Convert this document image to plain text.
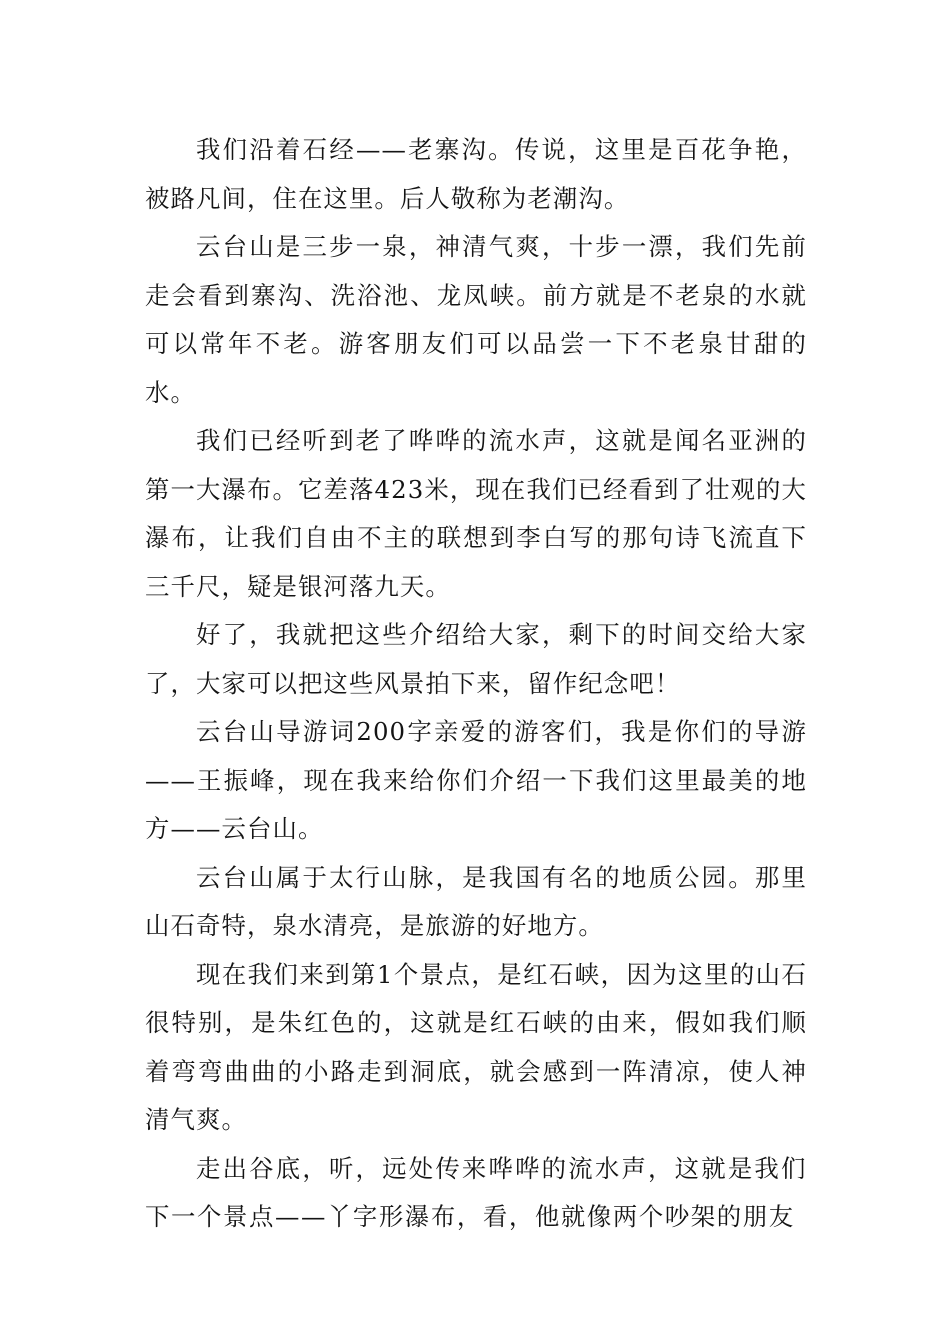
我们沿着石经——老寨沟。传说，这里是百花争艳，被路凡间，住在这里。后人敬称为老潮沟。

云台山是三步一泉，神清气爽，十步一漂，我们先前走会看到寨沟、洗浴池、龙凤峡。前方就是不老泉的水就可以常年不老。游客朋友们可以品尝一下不老泉甘甜的水。

我们已经听到老了哗哗的流水声，这就是闻名亚洲的第一大瀑布。它差落423米，现在我们已经看到了壮观的大瀑布，让我们自由不主的联想到李白写的那句诗飞流直下三千尺，疑是银河落九天。

好了，我就把这些介绍给大家，剩下的时间交给大家了，大家可以把这些风景拍下来，留作纪念吧！

云台山导游词200字亲爱的游客们，我是你们的导游——王振峰，现在我来给你们介绍一下我们这里最美的地方——云台山。

云台山属于太行山脉，是我国有名的地质公园。那里山石奇特，泉水清亮，是旅游的好地方。

现在我们来到第1个景点，是红石峡，因为这里的山石很特别，是朱红色的，这就是红石峡的由来，假如我们顺着弯弯曲曲的小路走到洞底，就会感到一阵清凉，使人神清气爽。

走出谷底，听，远处传来哗哗的流水声，这就是我们下一个景点——丫字形瀑布，看，他就像两个吵架的朋友
